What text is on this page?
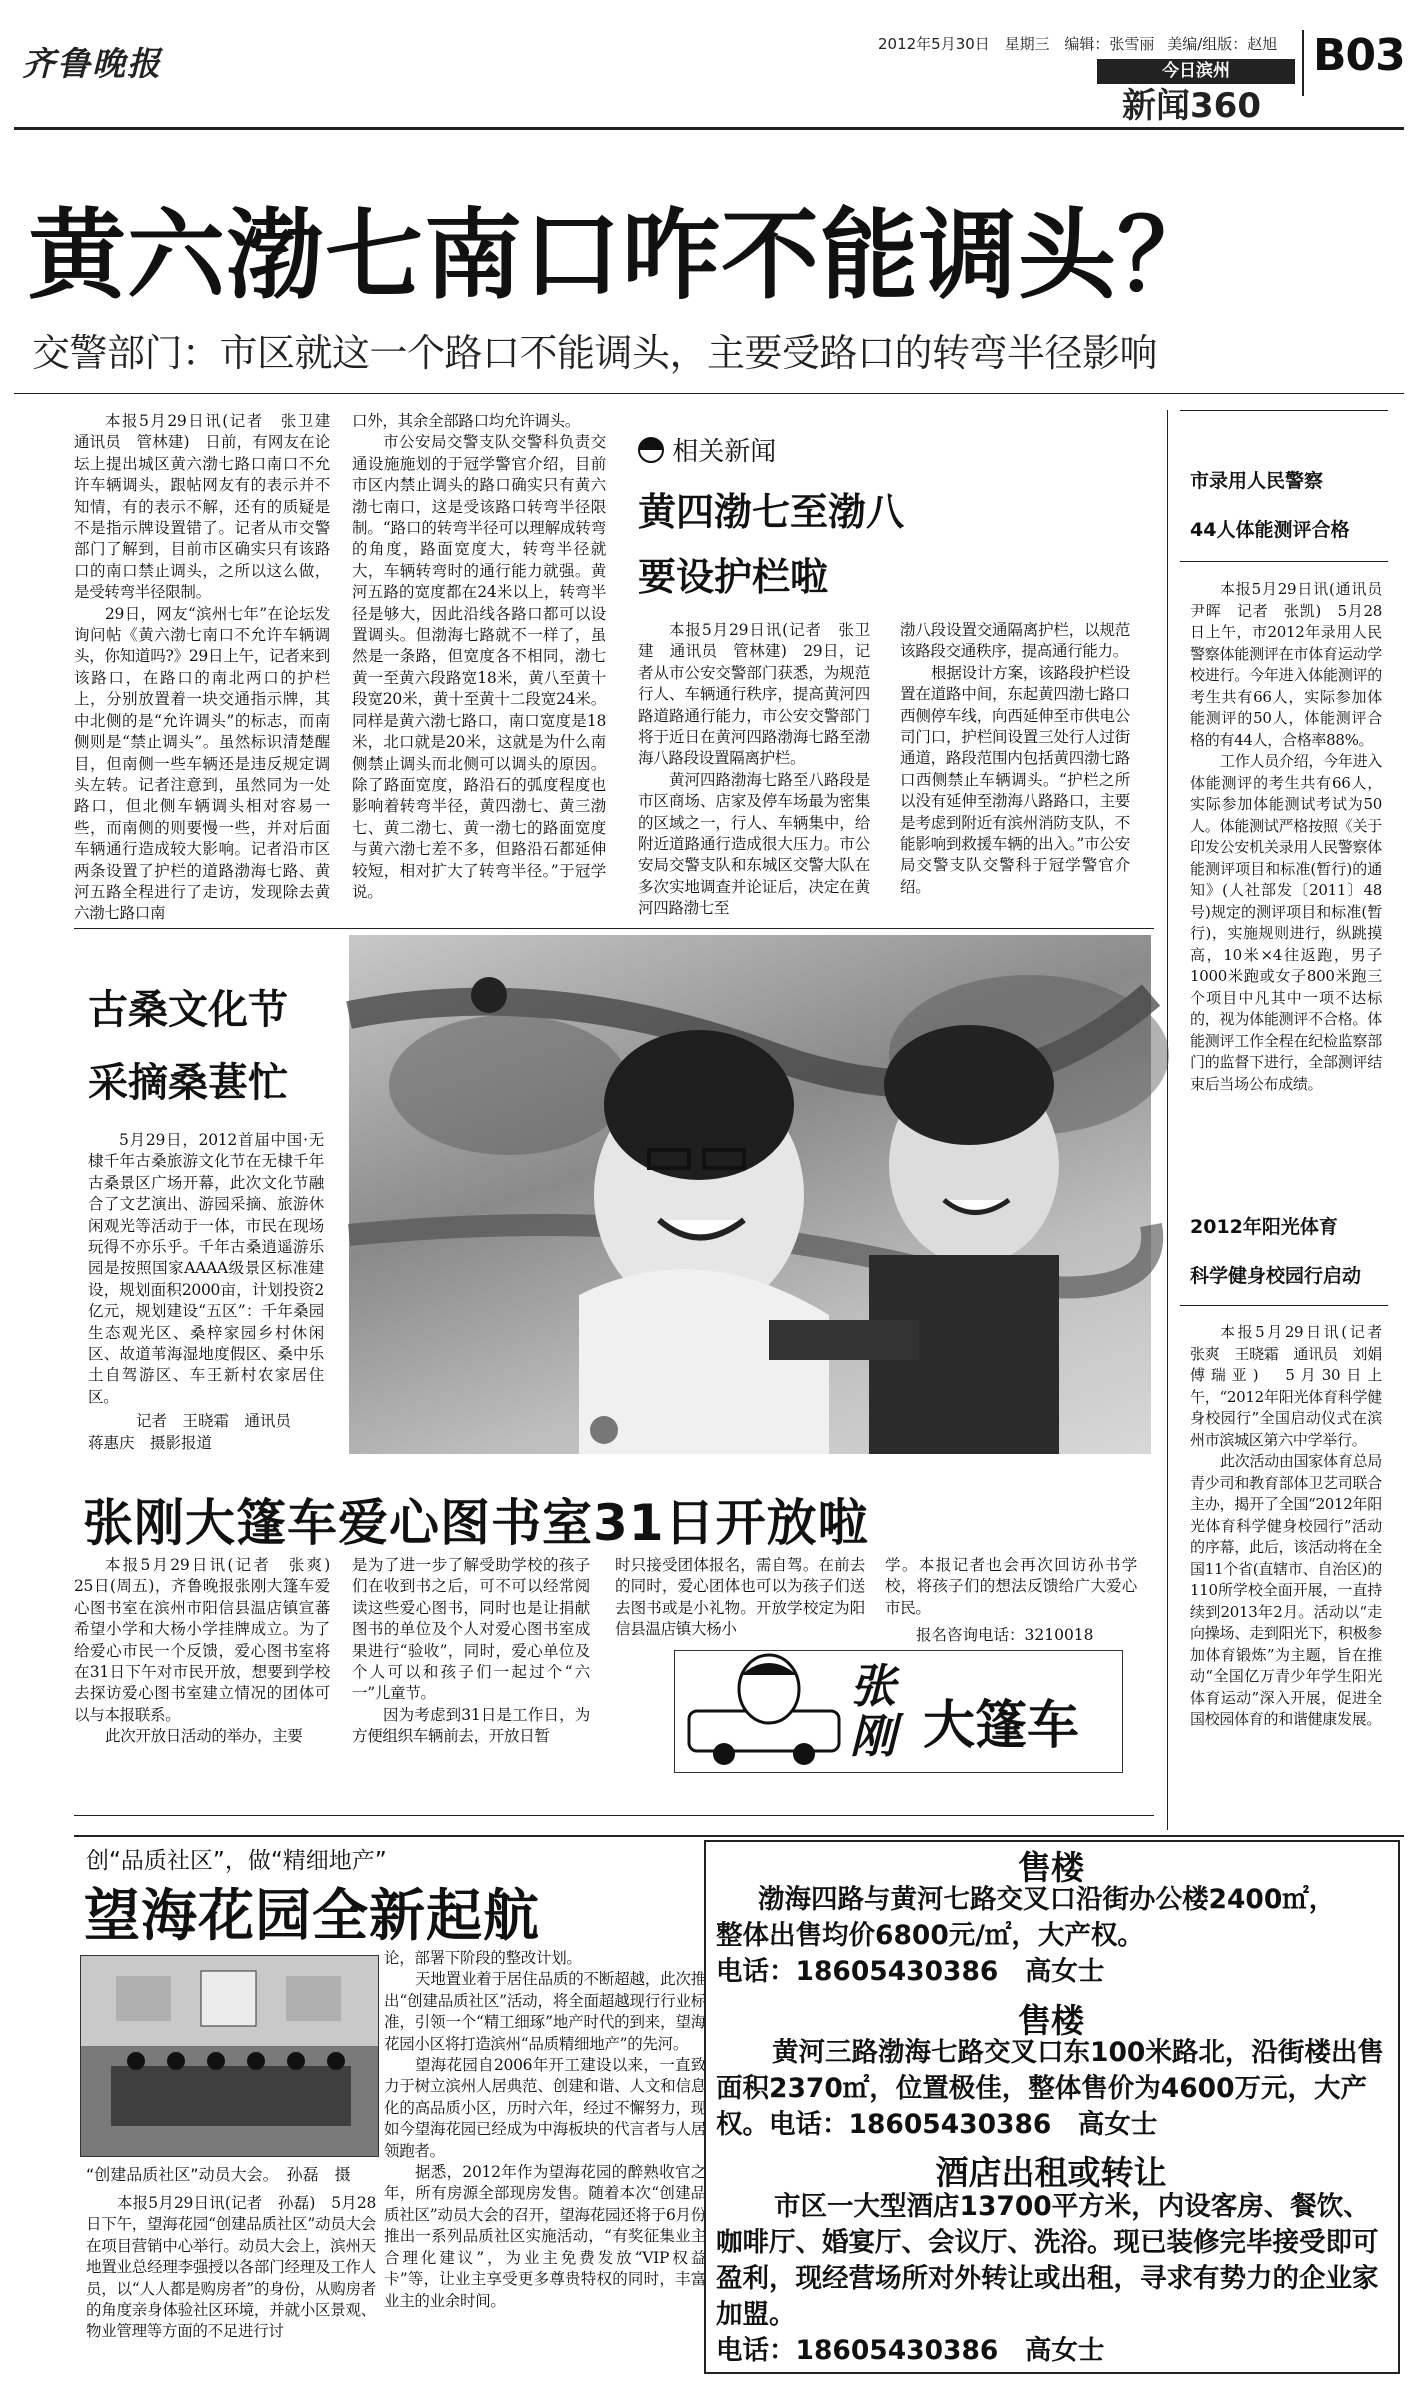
齐鲁晚报	2012年5月30日 星期三 编辑：张雪丽 美编/组版：赵旭
今日滨州
新闻360
B03
黄六渤七南口咋不能调头？
交警部门：市区就这一个路口不能调头，主要受路口的转弯半径影响

本报5月29日讯(记者　张卫建　通讯员　管林建)　日前，有网友在论坛上提出城区黄六渤七路口南口不允许车辆调头，跟帖网友有的表示并不知情，有的表示不解，还有的质疑是不是指示牌设置错了。记者从市交警部门了解到，目前市区确实只有该路口的南口禁止调头，之所以这么做，是受转弯半径限制。

29日，网友“滨州七年”在论坛发询问帖《黄六渤七南口不允许车辆调头，你知道吗?》29日上午，记者来到该路口，在路口的南北两口的护栏上，分别放置着一块交通指示牌，其中北侧的是“允许调头”的标志，而南侧则是“禁止调头”。虽然标识清楚醒目，但南侧一些车辆还是违反规定调头左转。记者注意到，虽然同为一处路口，但北侧车辆调头相对容易一些，而南侧的则要慢一些，并对后面车辆通行造成较大影响。记者沿市区两条设置了护栏的道路渤海七路、黄河五路全程进行了走访，发现除去黄六渤七路口南

口外，其余全部路口均允许调头。

市公安局交警支队交警科负责交通设施施划的于冠学警官介绍，目前市区内禁止调头的路口确实只有黄六渤七南口，这是受该路口转弯半径限制。“路口的转弯半径可以理解成转弯的角度，路面宽度大，转弯半径就大，车辆转弯时的通行能力就强。黄河五路的宽度都在24米以上，转弯半径是够大，因此沿线各路口都可以设置调头。但渤海七路就不一样了，虽然是一条路，但宽度各不相同，渤七黄一至黄六段路宽18米，黄八至黄十段宽20米，黄十至黄十二段宽24米。同样是黄六渤七路口，南口宽度是18米，北口就是20米，这就是为什么南侧禁止调头而北侧可以调头的原因。除了路面宽度，路沿石的弧度程度也影响着转弯半径，黄四渤七、黄三渤七、黄二渤七、黄一渤七的路面宽度与黄六渤七差不多，但路沿石都延伸较短，相对扩大了转弯半径。”于冠学说。

相关新闻
黄四渤七至渤八
要设护栏啦

本报5月29日讯(记者　张卫建　通讯员　管林建)　29日，记者从市公安交警部门获悉，为规范行人、车辆通行秩序，提高黄河四路道路通行能力，市公安交警部门将于近日在黄河四路渤海七路至渤海八路段设置隔离护栏。

黄河四路渤海七路至八路段是市区商场、店家及停车场最为密集的区域之一，行人、车辆集中，给附近道路通行造成很大压力。市公安局交警支队和东城区交警大队在多次实地调查并论证后，决定在黄河四路渤七至

渤八段设置交通隔离护栏，以规范该路段交通秩序，提高通行能力。

根据设计方案，该路段护栏设置在道路中间，东起黄四渤七路口西侧停车线，向西延伸至市供电公司门口，护栏间设置三处行人过街通道，路段范围内包括黄四渤七路口西侧禁止车辆调头。“护栏之所以没有延伸至渤海八路路口，主要是考虑到附近有滨州消防支队，不能影响到救援车辆的出入。”市公安局交警支队交警科于冠学警官介绍。

市录用人民警察
44人体能测评合格

本报5月29日讯(通讯员　尹晖　记者　张凯)　5月28日上午，市2012年录用人民警察体能测评在市体育运动学校进行。今年进入体能测评的考生共有66人，实际参加体能测评的50人，体能测评合格的有44人，合格率88%。

工作人员介绍，今年进入体能测评的考生共有66人，实际参加体能测试考试为50人。体能测试严格按照《关于印发公安机关录用人民警察体能测评项目和标准(暂行)的通知》(人社部发〔2011〕48号)规定的测评项目和标准(暂行)，实施规则进行，纵跳摸高，10米×4往返跑，男子1000米跑或女子800米跑三个项目中凡其中一项不达标的，视为体能测评不合格。体能测评工作全程在纪检监察部门的监督下进行，全部测评结束后当场公布成绩。

2012年阳光体育
科学健身校园行启动

本报5月29日讯(记者　张爽　王晓霜　通讯员　刘娟　傅瑞亚)　5月30日上午，“2012年阳光体育科学健身校园行”全国启动仪式在滨州市滨城区第六中学举行。

此次活动由国家体育总局青少司和教育部体卫艺司联合主办，揭开了全国“2012年阳光体育科学健身校园行”活动的序幕，此后，该活动将在全国11个省(直辖市、自治区)的110所学校全面开展，一直持续到2013年2月。活动以“走向操场、走到阳光下，积极参加体育锻炼”为主题，旨在推动“全国亿万青少年学生阳光体育运动”深入开展，促进全国校园体育的和谐健康发展。

古桑文化节
采摘桑葚忙

5月29日，2012首届中国·无棣千年古桑旅游文化节在无棣千年古桑景区广场开幕，此次文化节融合了文艺演出、游园采摘、旅游休闲观光等活动于一体，市民在现场玩得不亦乐乎。千年古桑逍遥游乐园是按照国家AAAA级景区标准建设，规划面积2000亩，计划投资2亿元，规划建设“五区”：千年桑园生态观光区、桑梓家园乡村休闲区、故道苇海湿地度假区、桑中乐土自驾游区、车王新村农家居住区。

记者　王晓霜　通讯员
蒋惠庆　摄影报道
张刚大篷车爱心图书室31日开放啦

本报5月29日讯(记者　张爽)　25日(周五)，齐鲁晚报张刚大篷车爱心图书室在滨州市阳信县温店镇宣蕃希望小学和大杨小学挂牌成立。为了给爱心市民一个反馈，爱心图书室将在31日下午对市民开放，想要到学校去探访爱心图书室建立情况的团体可以与本报联系。

此次开放日活动的举办，主要

是为了进一步了解受助学校的孩子们在收到书之后，可不可以经常阅读这些爱心图书，同时也是让捐献图书的单位及个人对爱心图书室成果进行“验收”，同时，爱心单位及个人可以和孩子们一起过个“六一”儿童节。

因为考虑到31日是工作日，为方便组织车辆前去，开放日暂

时只接受团体报名，需自驾。在前去的同时，爱心团体也可以为孩子们送去图书或是小礼物。开放学校定为阳信县温店镇大杨小

学。本报记者也会再次回访孙书学校，将孩子们的想法反馈给广大爱心市民。

报名咨询电话：3210018
张刚 大篷车
创“品质社区”，做“精细地产”
望海花园全新起航
“创建品质社区”动员大会。　孙磊　摄

本报5月29日讯(记者　孙磊)　5月28日下午，望海花园“创建品质社区”动员大会在项目营销中心举行。动员大会上，滨州天地置业总经理李强授以各部门经理及工作人员，以“人人都是购房者”的身份，从购房者的角度亲身体验社区环境，并就小区景观、物业管理等方面的不足进行讨

论，部署下阶段的整改计划。

天地置业着于居住品质的不断超越，此次推出“创建品质社区”活动，将全面超越现行行业标准，引领一个“精工细琢”地产时代的到来，望海花园小区将打造滨州“品质精细地产”的先河。

望海花园自2006年开工建设以来，一直致力于树立滨州人居典范、创建和谐、人文和信息化的高品质小区，历时六年，经过不懈努力，现如今望海花园已经成为中海板块的代言者与人居领跑者。

据悉，2012年作为望海花园的醉熟收官之年，所有房源全部现房发售。随着本次“创建品质社区”动员大会的召开，望海花园还将于6月份推出一系列品质社区实施活动，“有奖征集业主合理化建议”，为业主免费发放“VIP权益卡”等，让业主享受更多尊贵特权的同时，丰富业主的业余时间。

售楼
渤海四路与黄河七路交叉口沿街办公楼2400㎡，
整体出售均价6800元/㎡，大产权。
电话：18605430386　高女士
售楼
黄河三路渤海七路交叉口东100米路北，沿街楼出售面积2370㎡，位置极佳，整体售价为4600万元，大产权。电话：18605430386　高女士
酒店出租或转让
市区一大型酒店13700平方米，内设客房、餐饮、咖啡厅、婚宴厅、会议厅、洗浴。现已装修完毕接受即可盈利，现经营场所对外转让或出租，寻求有势力的企业家加盟。
电话：18605430386　高女士
